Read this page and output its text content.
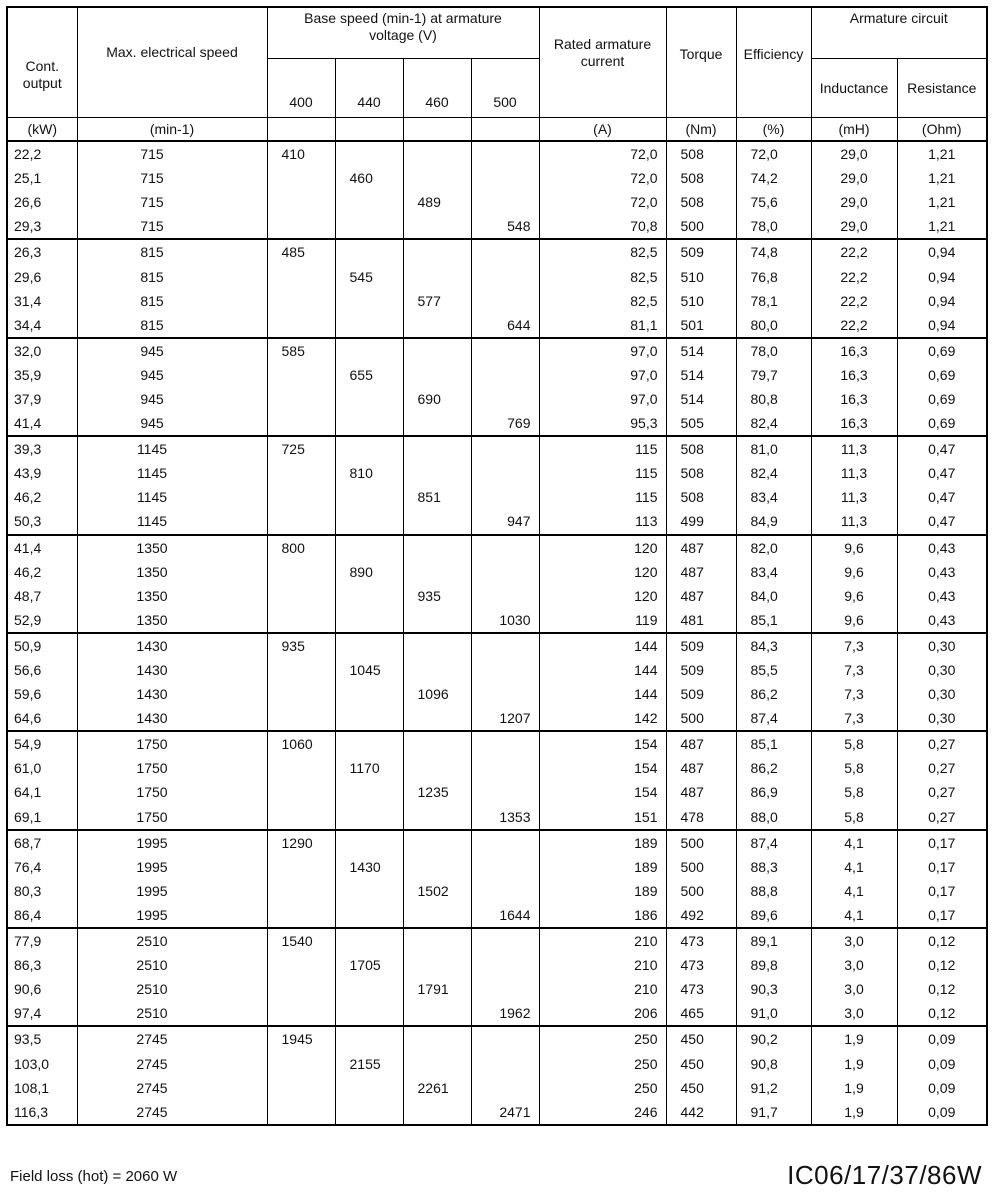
Cont. output	Max. electrical speed	Base speed (min-1) at armature voltage (V)				Rated armature current	Torque	Efficiency	Armature circuit	
		400	440	460	500				Inductance	Resistance
(kW)	(min-1)					(A)	(Nm)	(%)	(mH)	(Ohm)
22,2	715	410				72,0	508	72,0	29,0	1,21
25,1	715		460			72,0	508	74,2	29,0	1,21
26,6	715			489		72,0	508	75,6	29,0	1,21
29,3	715				548	70,8	500	78,0	29,0	1,21
26,3	815	485				82,5	509	74,8	22,2	0,94
29,6	815		545			82,5	510	76,8	22,2	0,94
31,4	815			577		82,5	510	78,1	22,2	0,94
34,4	815				644	81,1	501	80,0	22,2	0,94
32,0	945	585				97,0	514	78,0	16,3	0,69
35,9	945		655			97,0	514	79,7	16,3	0,69
37,9	945			690		97,0	514	80,8	16,3	0,69
41,4	945				769	95,3	505	82,4	16,3	0,69
39,3	1145	725				115	508	81,0	11,3	0,47
43,9	1145		810			115	508	82,4	11,3	0,47
46,2	1145			851		115	508	83,4	11,3	0,47
50,3	1145				947	113	499	84,9	11,3	0,47
41,4	1350	800				120	487	82,0	9,6	0,43
46,2	1350		890			120	487	83,4	9,6	0,43
48,7	1350			935		120	487	84,0	9,6	0,43
52,9	1350				1030	119	481	85,1	9,6	0,43
50,9	1430	935				144	509	84,3	7,3	0,30
56,6	1430		1045			144	509	85,5	7,3	0,30
59,6	1430			1096		144	509	86,2	7,3	0,30
64,6	1430				1207	142	500	87,4	7,3	0,30
54,9	1750	1060				154	487	85,1	5,8	0,27
61,0	1750		1170			154	487	86,2	5,8	0,27
64,1	1750			1235		154	487	86,9	5,8	0,27
69,1	1750				1353	151	478	88,0	5,8	0,27
68,7	1995	1290				189	500	87,4	4,1	0,17
76,4	1995		1430			189	500	88,3	4,1	0,17
80,3	1995			1502		189	500	88,8	4,1	0,17
86,4	1995				1644	186	492	89,6	4,1	0,17
77,9	2510	1540				210	473	89,1	3,0	0,12
86,3	2510		1705			210	473	89,8	3,0	0,12
90,6	2510			1791		210	473	90,3	3,0	0,12
97,4	2510				1962	206	465	91,0	3,0	0,12
93,5	2745	1945				250	450	90,2	1,9	0,09
103,0	2745		2155			250	450	90,8	1,9	0,09
108,1	2745			2261		250	450	91,2	1,9	0,09
116,3	2745				2471	246	442	91,7	1,9	0,09
Field loss (hot) = 2060 W	IC06/17/37/86W
